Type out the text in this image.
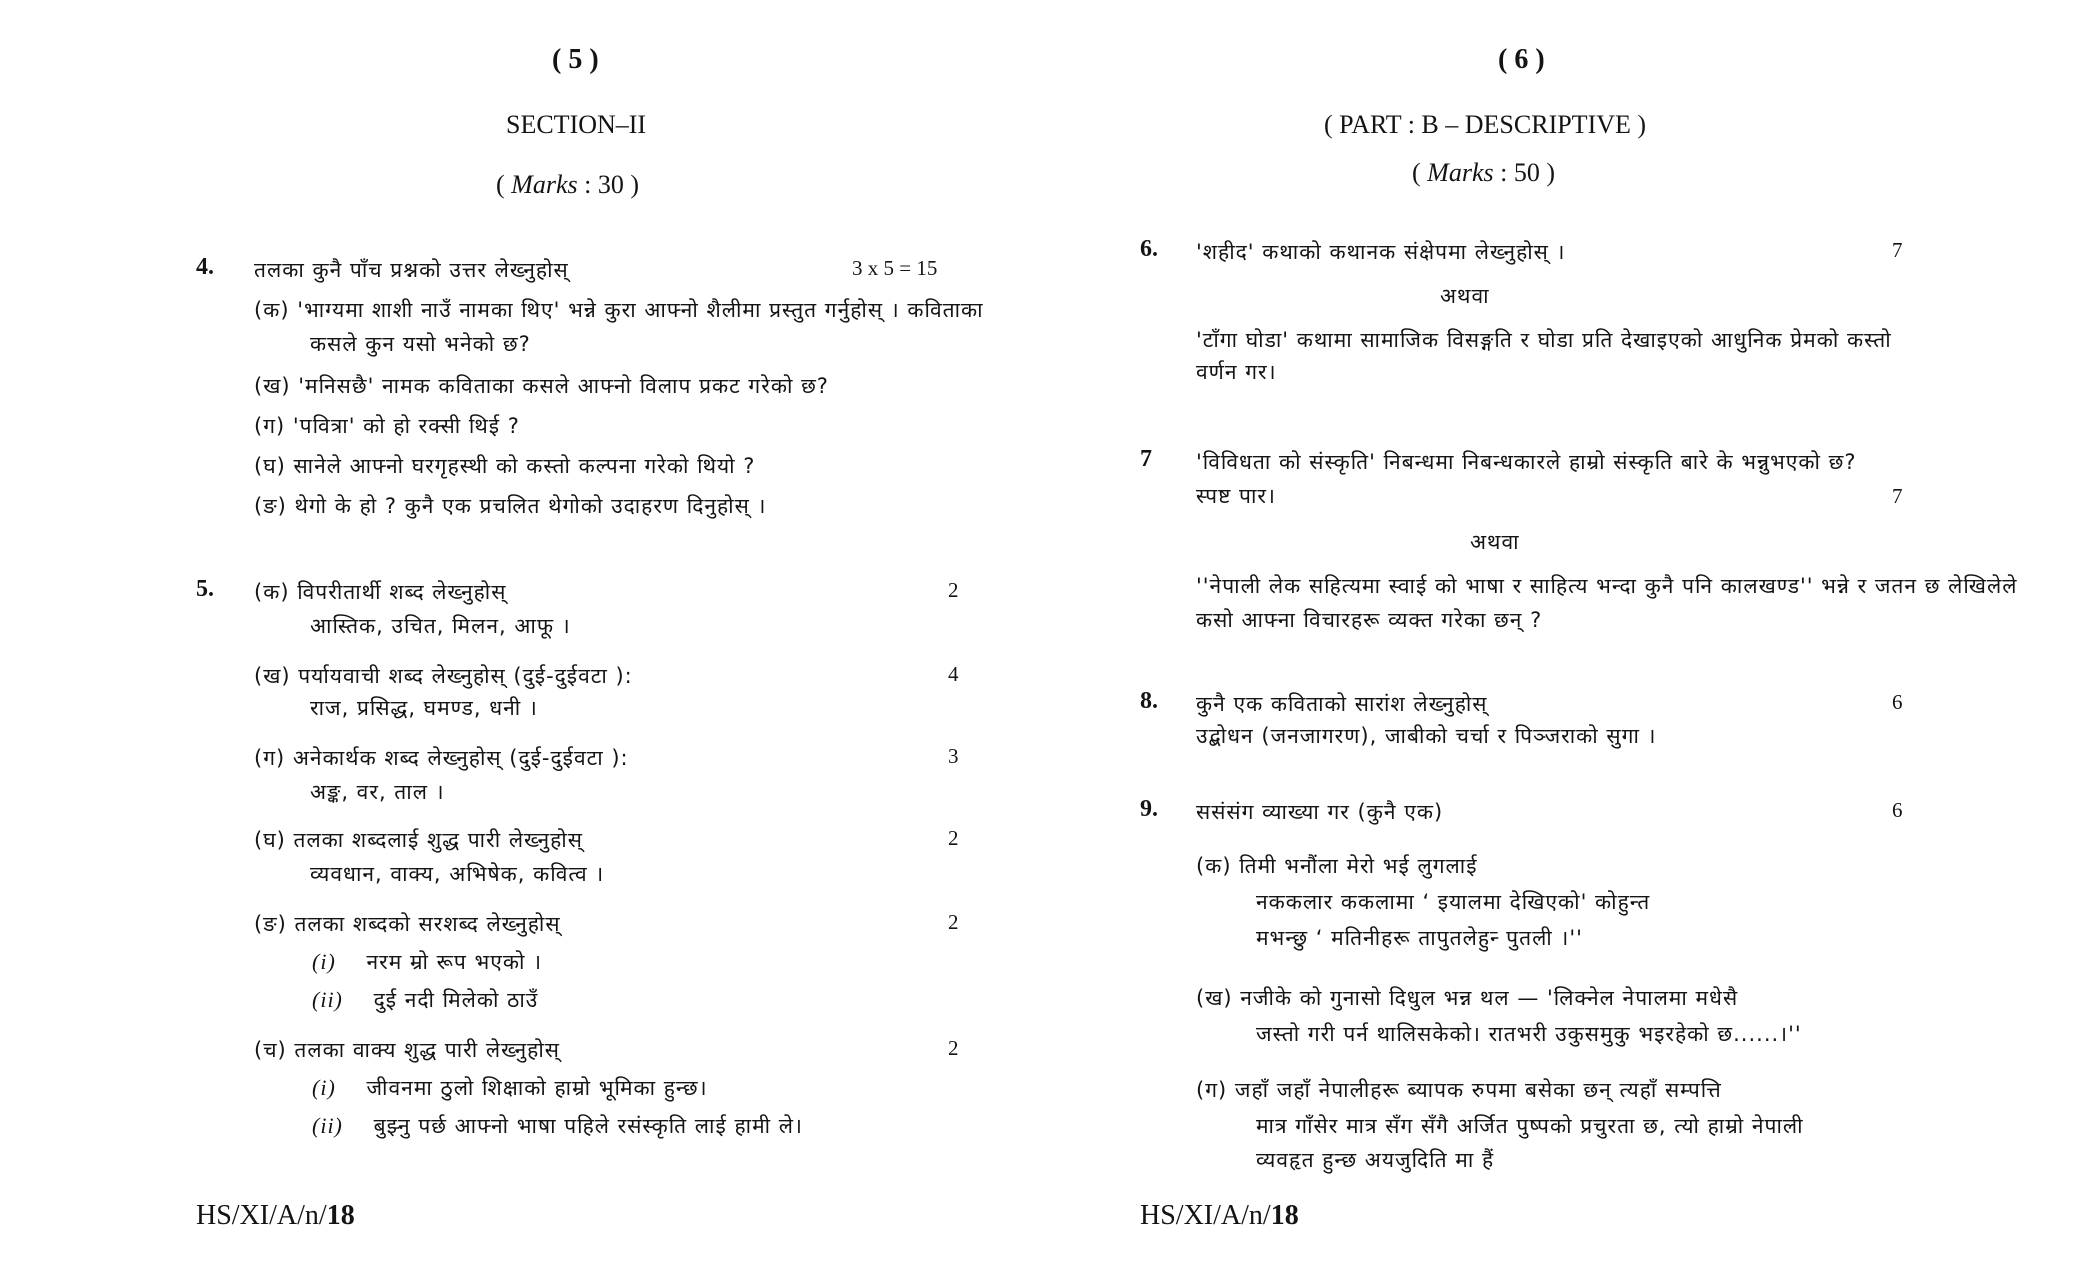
( 5 )
SECTION–II
( Marks : 30 )
4. तलका कुनै पाँच प्रश्नको उत्तर लेख्नुहोस्	3 x 5 = 15
(क) 'भाग्यमा शाशी नाउँ नामका थिए' भन्ने कुरा आफ्नो शैलीमा प्रस्तुत गर्नुहोस् । कविताका
कसले कुन यसो भनेको छ?
(ख) 'मनिसछै' नामक कविताका कसले आफ्नो विलाप प्रकट गरेको छ?
(ग) 'पवित्रा' को हो रक्सी थिई ?
(घ) सानेले आफ्नो घरगृहस्थी को कस्तो कल्पना गरेको थियो ?
(ङ) थेगो के हो ? कुनै एक प्रचलित थेगोको उदाहरण दिनुहोस् ।
5. (क) विपरीतार्थी शब्द लेख्नुहोस्	2
आस्तिक, उचित, मिलन, आफू ।
(ख) पर्यायवाची शब्द लेख्नुहोस् (दुई-दुईवटा ):	4
राज, प्रसिद्ध, घमण्ड, धनी ।
(ग) अनेकार्थक शब्द लेख्नुहोस् (दुई-दुईवटा ):	3
अङ्क, वर, ताल ।
(घ) तलका शब्दलाई शुद्ध पारी लेख्नुहोस्	2
व्यवधान, वाक्य, अभिषेक, कवित्व ।
(ङ) तलका शब्दको सरशब्द लेख्नुहोस्	2
(i) नरम म्रो रूप भएको ।
(ii) दुई नदी मिलेको ठाउँ
(च) तलका वाक्य शुद्ध पारी लेख्नुहोस्	2
(i) जीवनमा ठुलो शिक्षाको हाम्रो भूमिका हुन्छ।
(ii) बुझ्नु पर्छ आफ्नो भाषा पहिले रसंस्कृति लाई हामी ले।
HS/XI/A/n/18
( 6 )
( PART : B – DESCRIPTIVE )
( Marks : 50 )
6. 'शहीद' कथाको कथानक संक्षेपमा लेख्नुहोस् ।	7
अथवा
'टाँगा घोडा' कथामा सामाजिक विसङ्गति र घोडा प्रति देखाइएको आधुनिक प्रेमको कस्तो
वर्णन गर।
7 'विविधता को संस्कृति' निबन्धमा निबन्धकारले हाम्रो संस्कृति बारे के भन्नुभएको छ?
स्पष्ट पार।	7
अथवा
''नेपाली लेक सहित्यमा स्वाई को भाषा र साहित्य भन्दा कुनै पनि कालखण्ड'' भन्ने र जतन छ लेखिलेले
कसो आफ्ना विचारहरू व्यक्त गरेका छन् ?
8. कुनै एक कविताको सारांश लेख्नुहोस्	6
उद्बोधन (जनजागरण), जाबीको चर्चा र पिञ्जराको सुगा ।
9. ससंसंग व्याख्या गर (कुनै एक)	6
(क) तिमी भनौंला मेरो भई लुगलाई
नककलार ककलामा ‘ इयालमा देखिएको' कोहुन्‍त
मभन्छु ‘ मतिनीहरू तापुतलेहुन्‍ पुतली ।''
(ख) नजीके को गुनासो दिधुल भन्न थल — 'लिक्नेल नेपालमा मधेसै
जस्तो गरी पर्न थालिसकेको। रातभरी उकुसमुकु भइरहेको छ......।''
(ग) जहाँ जहाँ नेपालीहरू ब्यापक रुपमा बसेका छन् त्यहाँ सम्पत्ति
मात्र गाँसेर मात्र सँग सँगै अर्जित पुष्पको प्रचुरता छ, त्यो हाम्रो नेपाली
व्यवहृत हुन्छ अयजुदिति मा हैं
HS/XI/A/n/18
